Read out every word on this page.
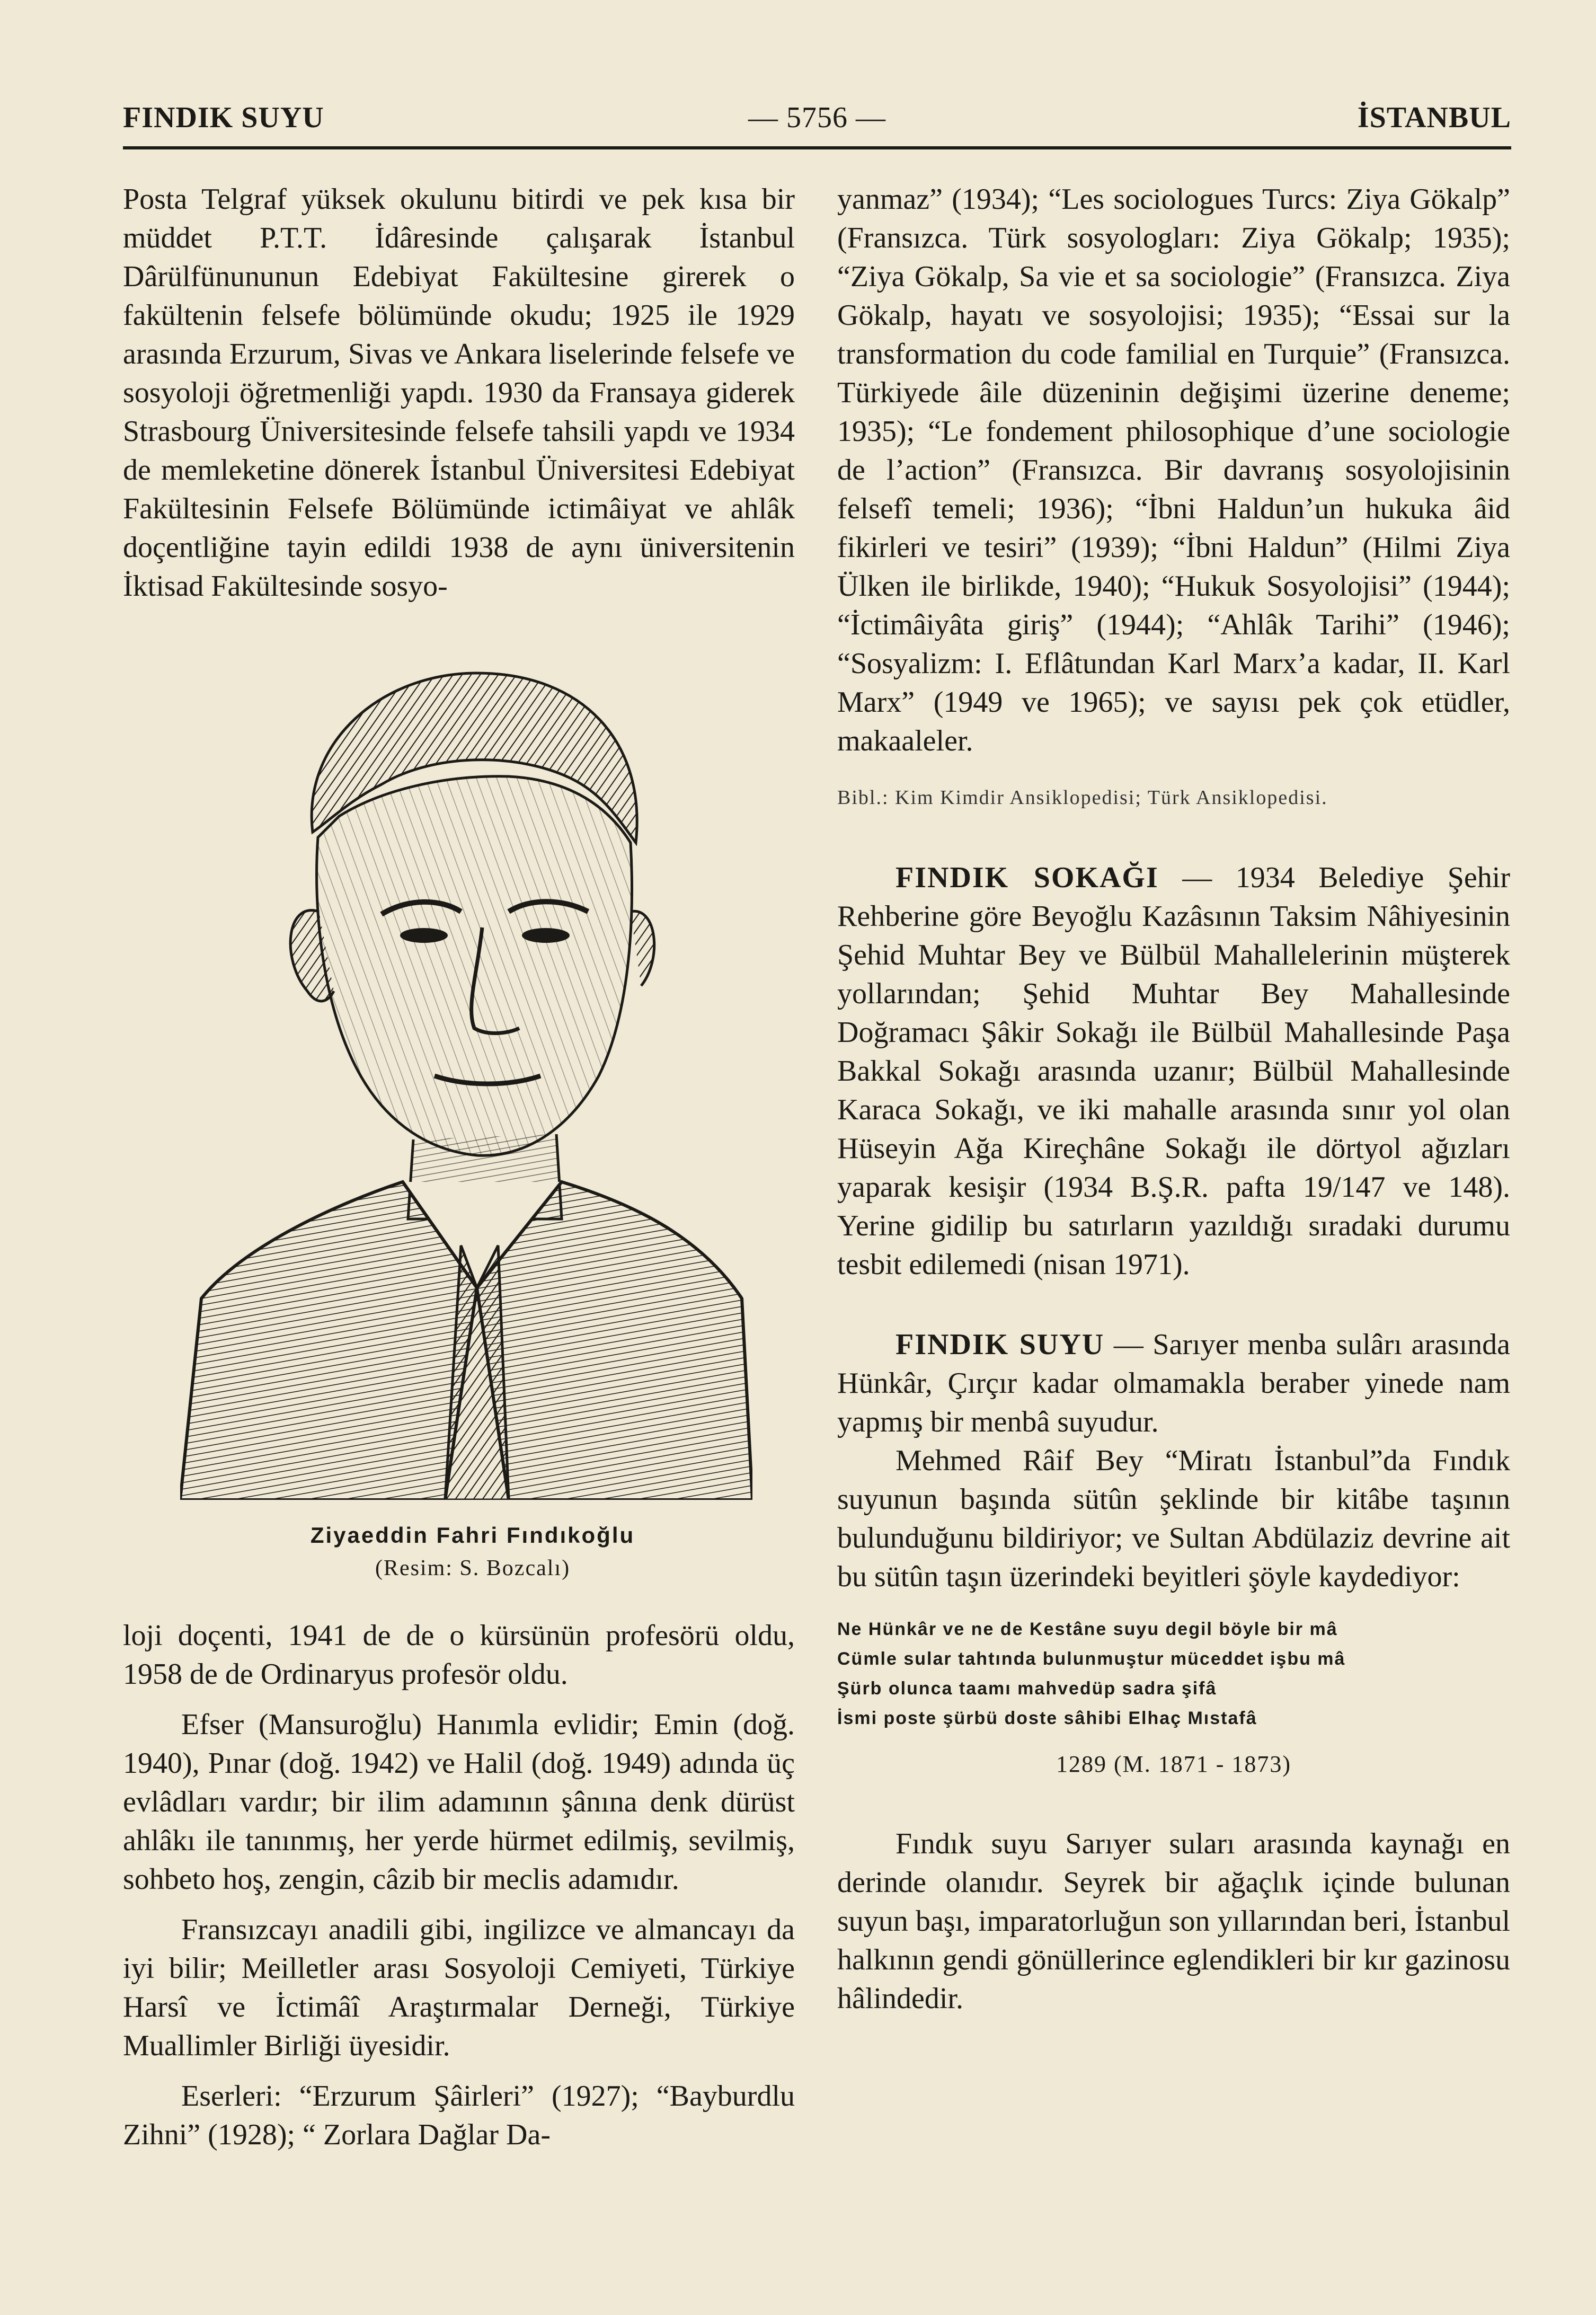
FINDIK SUYU	— 5756 —	İSTANBUL

Posta Telgraf yüksek okulunu bitirdi ve pek kısa bir müddet P.T.T. İdâresinde çalışarak İstanbul Dârülfünununun Edebiyat Fakültesine girerek o fakültenin felsefe bölümünde okudu; 1925 ile 1929 arasında Erzurum, Sivas ve Ankara liselerinde felsefe ve sosyoloji öğretmenliği yapdı. 1930 da Fransaya giderek Strasbourg Üniversitesinde felsefe tahsili yapdı ve 1934 de memleketine dönerek İstanbul Üniversitesi Edebiyat Fakültesinin Felsefe Bölümünde ictimâiyat ve ahlâk doçentliğine tayin edildi 1938 de aynı üniversitenin İktisad Fakültesinde sosyo-

Ziyaeddin Fahri Fındıkoğlu
(Resim: S. Bozcalı)

loji doçenti, 1941 de de o kürsünün profesörü oldu, 1958 de de Ordinaryus profesör oldu.

Efser (Mansuroğlu) Hanımla evlidir; Emin (doğ. 1940), Pınar (doğ. 1942) ve Halil (doğ. 1949) adında üç evlâdları vardır; bir ilim adamının şânına denk dürüst ahlâkı ile tanınmış, her yerde hürmet edilmiş, sevilmiş, sohbeto hoş, zengin, câzib bir meclis adamıdır.

Fransızcayı anadili gibi, ingilizce ve almancayı da iyi bilir; Meilletler arası Sosyoloji Cemiyeti, Türkiye Harsî ve İctimâî Araştırmalar Derneği, Türkiye Muallimler Birliği üyesidir.

Eserleri: “Erzurum Şâirleri” (1927); “Bayburdlu Zihni” (1928); “ Zorlara Dağlar Da-

yanmaz” (1934); “Les sociologues Turcs: Ziya Gökalp” (Fransızca. Türk sosyologları: Ziya Gökalp; 1935); “Ziya Gökalp, Sa vie et sa sociologie” (Fransızca. Ziya Gökalp, hayatı ve sosyolojisi; 1935); “Essai sur la transformation du code familial en Turquie” (Fransızca. Türkiyede âile düzeninin değişimi üzerine deneme; 1935); “Le fondement philosophique d’une sociologie de l’action” (Fransızca. Bir davranış sosyolojisinin felsefî temeli; 1936); “İbni Haldun’un hukuka âid fikirleri ve tesiri” (1939); “İbni Haldun” (Hilmi Ziya Ülken ile birlikde, 1940); “Hukuk Sosyolojisi” (1944); “İctimâiyâta giriş” (1944); “Ahlâk Tarihi” (1946); “Sosyalizm: I. Eflâtundan Karl Marx’a kadar, II. Karl Marx” (1949 ve 1965); ve sayısı pek çok etüdler, makaaleler.

Bibl.: Kim Kimdir Ansiklopedisi; Türk Ansiklopedisi.

FINDIK SOKAĞI — 1934 Belediye Şehir Rehberine göre Beyoğlu Kazâsının Taksim Nâhiyesinin Şehid Muhtar Bey ve Bülbül Mahallelerinin müşterek yollarından; Şehid Muhtar Bey Mahallesinde Doğramacı Şâkir Sokağı ile Bülbül Mahallesinde Paşa Bakkal Sokağı arasında uzanır; Bülbül Mahallesinde Karaca Sokağı, ve iki mahalle arasında sınır yol olan Hüseyin Ağa Kireçhâne Sokağı ile dörtyol ağızları yaparak kesişir (1934 B.Ş.R. pafta 19/147 ve 148). Yerine gidilip bu satırların yazıldığı sıradaki durumu tesbit edilemedi (nisan 1971).

FINDIK SUYU — Sarıyer menba sulârı arasında Hünkâr, Çırçır kadar olmamakla beraber yinede nam yapmış bir menbâ suyudur.

Mehmed Râif Bey “Miratı İstanbul”da Fındık suyunun başında sütûn şeklinde bir kitâbe taşının bulunduğunu bildiriyor; ve Sultan Abdülaziz devrine ait bu sütûn taşın üzerindeki beyitleri şöyle kaydediyor:

Ne Hünkâr ve ne de Kestâne suyu degil böyle bir mâ
Cümle sular tahtında bulunmuştur müceddet işbu mâ
Şürb olunca taamı mahvedüp sadra şifâ
İsmi poste şürbü doste sâhibi Elhaç Mıstafâ

1289 (M. 1871 - 1873)

Fındık suyu Sarıyer suları arasında kaynağı en derinde olanıdır. Seyrek bir ağaçlık içinde bulunan suyun başı, imparatorluğun son yıllarından beri, İstanbul halkının gendi gönüllerince eglendikleri bir kır gazinosu hâlindedir.
